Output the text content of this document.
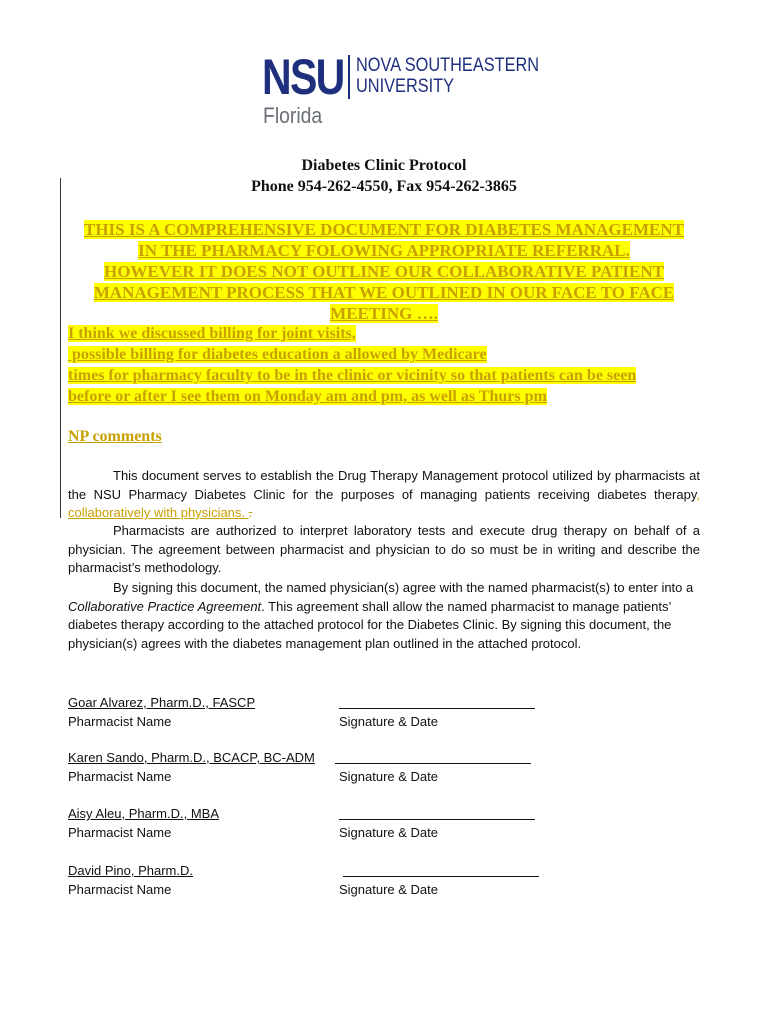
NSU NOVA SOUTHEASTERN
UNIVERSITY
Florida
Diabetes Clinic Protocol
Phone 954-262-4550, Fax 954-262-3865
THIS IS A COMPREHENSIVE DOCUMENT FOR DIABETES MANAGEMENT
IN THE PHARMACY FOLOWING APPROPRIATE REFERRAL.
HOWEVER IT DOES NOT OUTLINE OUR COLLABORATIVE PATIENT
MANAGEMENT PROCESS THAT WE OUTLINED IN OUR FACE TO FACE
MEETING ….
I think we discussed billing for joint visits,
possible billing for diabetes education a allowed by Medicare
times for pharmacy faculty to be in the clinic or vicinity so that patients can be seen
before or after I see them on Monday am and pm, as well as Thurs pm
NP comments
This document serves to establish the Drug Therapy Management protocol utilized by pharmacists at the NSU Pharmacy Diabetes Clinic for the purposes of managing patients receiving diabetes therapy, collaboratively with physicians. .
Pharmacists are authorized to interpret laboratory tests and execute drug therapy on behalf of a physician. The agreement between pharmacist and physician to do so must be in writing and describe the pharmacist’s methodology.
By signing this document, the named physician(s) agree with the named pharmacist(s) to enter into a Collaborative Practice Agreement. This agreement shall allow the named pharmacist to manage patients’ diabetes therapy according to the attached protocol for the Diabetes Clinic. By signing this document, the physician(s) agrees with the diabetes management plan outlined in the attached protocol.
Goar Alvarez, Pharm.D., FASCP
Pharmacist Name	Signature & Date
Karen Sando, Pharm.D., BCACP, BC-ADM
Pharmacist Name	Signature & Date
Aisy Aleu, Pharm.D., MBA
Pharmacist Name	Signature & Date
David Pino, Pharm.D.
Pharmacist Name	Signature & Date
